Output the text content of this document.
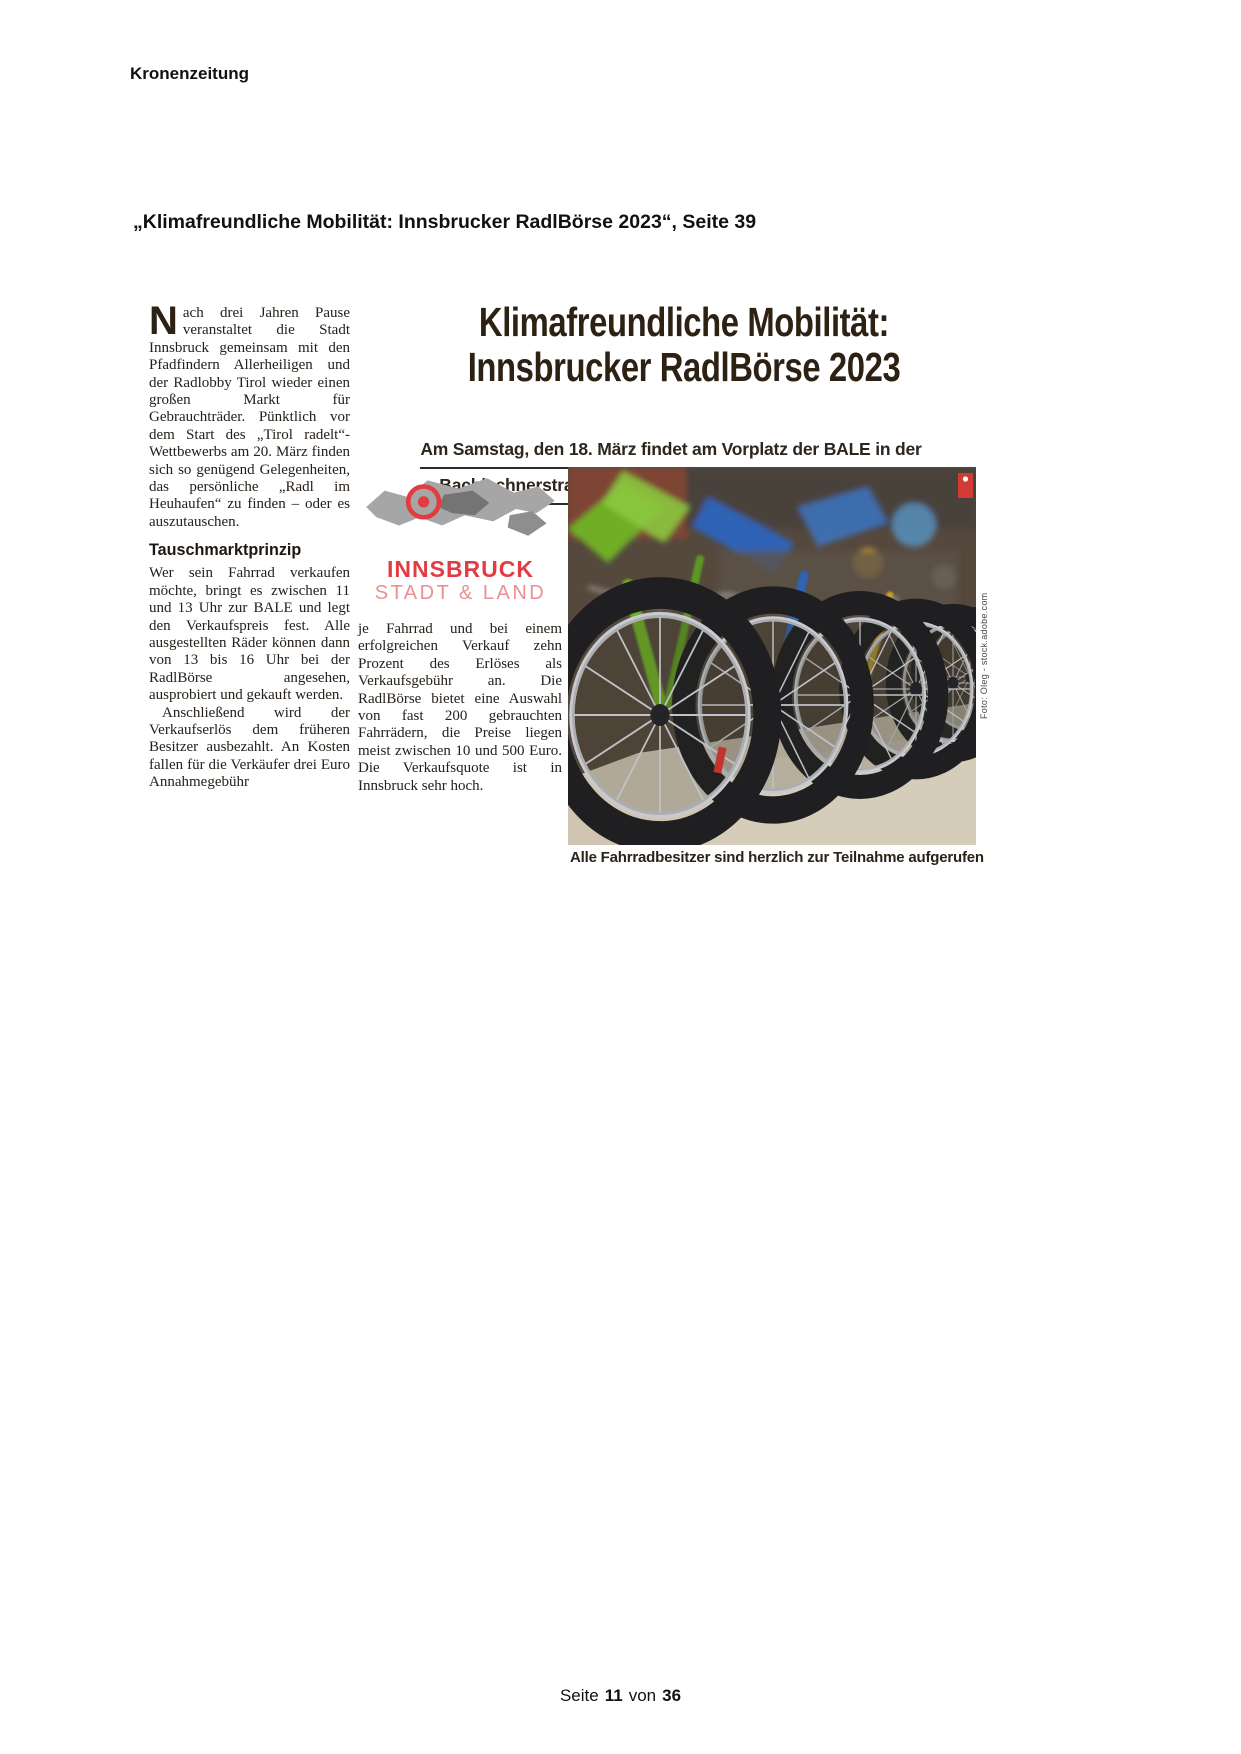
Kronenzeitung
„Klimafreundliche Mobilität: Innsbrucker RadlBörse 2023“, Seite 39

Nach drei Jahren Pause veranstaltet die Stadt Innsbruck gemeinsam mit den Pfadfindern Allerheiligen und der Radlobby Tirol wieder einen großen Markt für Gebrauchträder. Pünktlich vor dem Start des „Tirol radelt“-Wettbewerbs am 20. März finden sich so genügend Gelegenheiten, das persönliche „Radl im Heuhaufen“ zu finden – oder es auszutauschen.

Tauschmarktprinzip

Wer sein Fahrrad verkaufen möchte, bringt es zwischen 11 und 13 Uhr zur BALE und legt den Verkaufspreis fest. Alle ausgestellten Räder können dann von 13 bis 16 Uhr bei der RadlBörse angesehen, ausprobiert und gekauft werden.

Anschließend wird der Verkaufserlös dem früheren Besitzer ausbezahlt. An Kosten fallen für die Verkäufer drei Euro Annahmegebühr

Klimafreundliche Mobilität:
Innsbrucker RadlBörse 2023
Am Samstag, den 18. März findet am Vorplatz der BALE in der
Bachlechnerstraße
INNSBRUCK
STADT & LAND

je Fahrrad und bei einem erfolgreichen Verkauf zehn Prozent des Erlöses als Verkaufsgebühr an. Die RadlBörse bietet eine Auswahl von fast 200 gebrauchten Fahrrädern, die Preise liegen meist zwischen 10 und 500 Euro. Die Verkaufsquote ist in Innsbruck sehr hoch.

Foto: Oleg - stock.adobe.com
Alle Fahrradbesitzer sind herzlich zur Teilnahme aufgerufen
Seite 11 von 36
